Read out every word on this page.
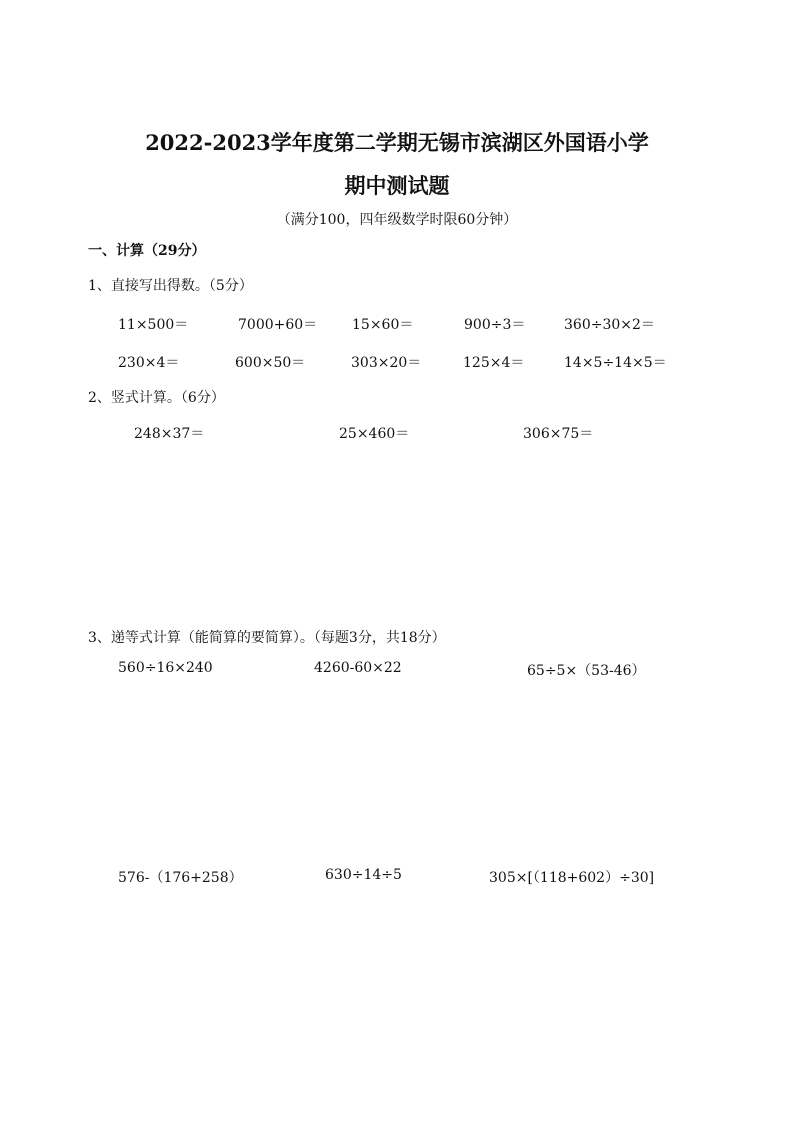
2022-2023学年度第二学期无锡市滨湖区外国语小学
期中测试题
（满分100，四年级数学时限60分钟）
一、计算（29分）
1、直接写出得数。（5分）
11×500＝	7000+60＝ 15×60＝	900÷3＝	360÷30×2＝
230×4＝	600×50＝	303×20＝	125×4＝	14×5÷14×5＝
2、竖式计算。（6分）
248×37＝	25×460＝	306×75＝
3、递等式计算（能简算的要简算）。（每题3分，共18分）
560÷16×240	4260-60×22	65÷5×（53-46）
576-（176+258）	630÷14÷5	305×[（118+602）÷30]
